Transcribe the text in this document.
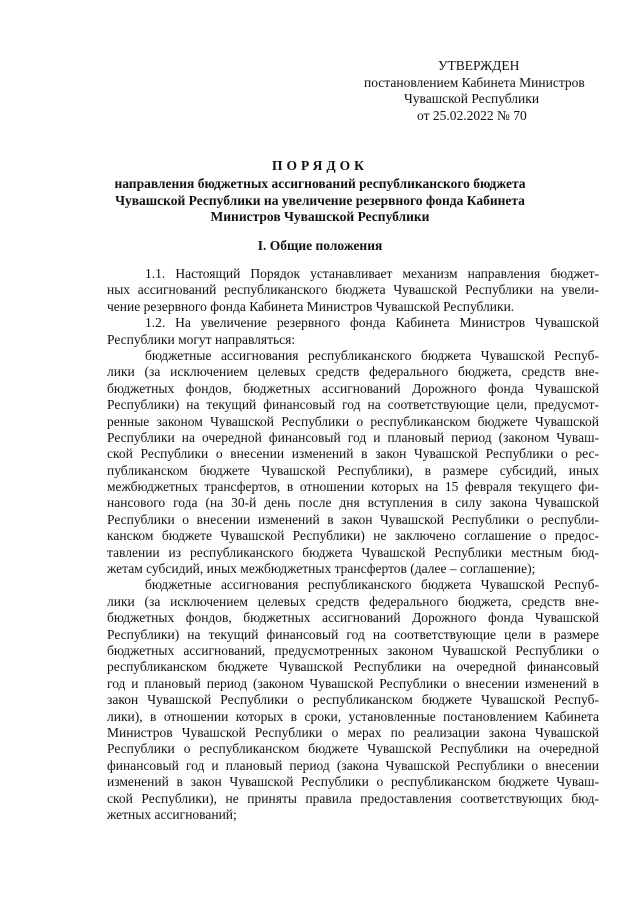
УТВЕРЖДЕН
постановлением Кабинета Министров
Чувашской Республики
от 25.02.2022 № 70
ПОРЯДОК
направления бюджетных ассигнований республиканского бюджета
Чувашской Республики на увеличение резервного фонда Кабинета
Министров Чувашской Республики
I. Общие положения

1.1. Настоящий Порядок устанавливает механизм направления бюджет-
ных ассигнований республиканского бюджета Чувашской Республики на увели-
чение резервного фонда Кабинета Министров Чувашской Республики.

1.2. На увеличение резервного фонда Кабинета Министров Чувашской
Республики могут направляться:

бюджетные ассигнования республиканского бюджета Чувашской Респуб-
лики (за исключением целевых средств федерального бюджета, средств вне-
бюджетных фондов, бюджетных ассигнований Дорожного фонда Чувашской
Республики) на текущий финансовый год на соответствующие цели, предусмот-
ренные законом Чувашской Республики о республиканском бюджете Чувашской
Республики на очередной финансовый год и плановый период (законом Чуваш-
ской Республики о внесении изменений в закон Чувашской Республики о рес-
публиканском бюджете Чувашской Республики), в размере субсидий, иных
межбюджетных трансфертов, в отношении которых на 15 февраля текущего фи-
нансового года (на 30-й день после дня вступления в силу закона Чувашской
Республики о внесении изменений в закон Чувашской Республики о республи-
канском бюджете Чувашской Республики) не заключено соглашение о предос-
тавлении из республиканского бюджета Чувашской Республики местным бюд-
жетам субсидий, иных межбюджетных трансфертов (далее – соглашение);

бюджетные ассигнования республиканского бюджета Чувашской Респуб-
лики (за исключением целевых средств федерального бюджета, средств вне-
бюджетных фондов, бюджетных ассигнований Дорожного фонда Чувашской
Республики) на текущий финансовый год на соответствующие цели в размере
бюджетных ассигнований, предусмотренных законом Чувашской Республики о
республиканском бюджете Чувашской Республики на очередной финансовый
год и плановый период (законом Чувашской Республики о внесении изменений в
закон Чувашской Республики о республиканском бюджете Чувашской Респуб-
лики), в отношении которых в сроки, установленные постановлением Кабинета
Министров Чувашской Республики о мерах по реализации закона Чувашской
Республики о республиканском бюджете Чувашской Республики на очередной
финансовый год и плановый период (закона Чувашской Республики о внесении
изменений в закон Чувашской Республики о республиканском бюджете Чуваш-
ской Республики), не приняты правила предоставления соответствующих бюд-
жетных ассигнований;
